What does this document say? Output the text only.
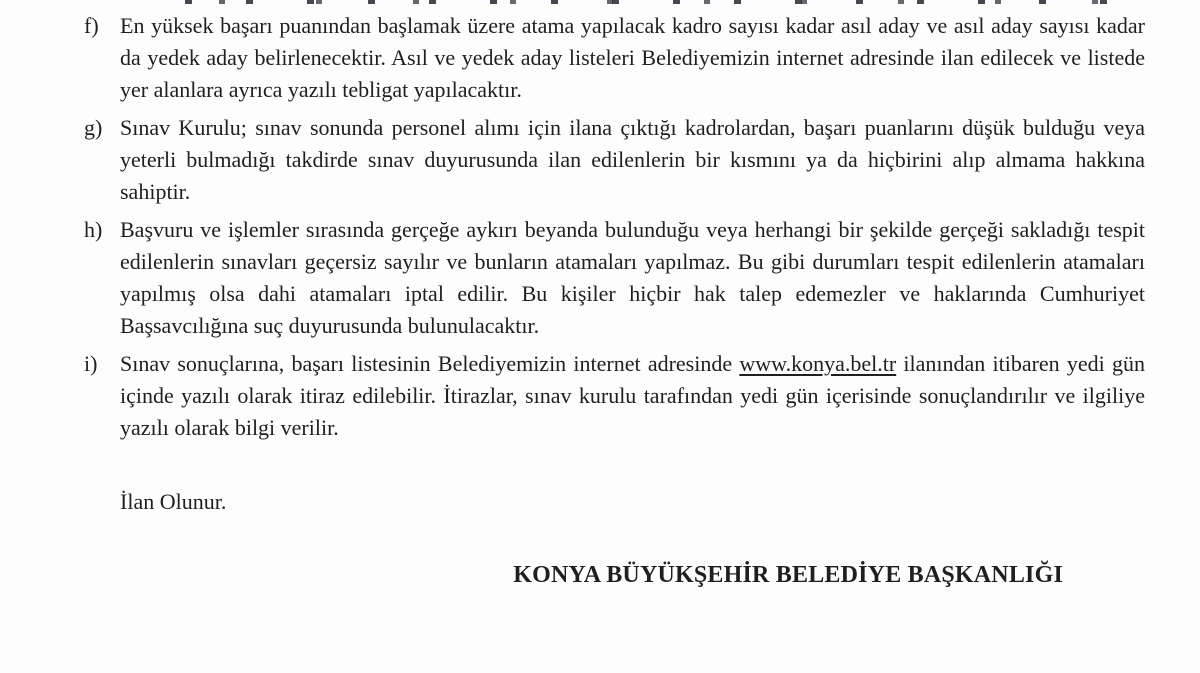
f) En yüksek başarı puanından başlamak üzere atama yapılacak kadro sayısı kadar asıl aday ve asıl aday sayısı kadar da yedek aday belirlenecektir. Asıl ve yedek aday listeleri Belediyemizin internet adresinde ilan edilecek ve listede yer alanlara ayrıca yazılı tebligat yapılacaktır.
g) Sınav Kurulu; sınav sonunda personel alımı için ilana çıktığı kadrolardan, başarı puanlarını düşük bulduğu veya yeterli bulmadığı takdirde sınav duyurusunda ilan edilenlerin bir kısmını ya da hiçbirini alıp almama hakkına sahiptir.
h) Başvuru ve işlemler sırasında gerçeğe aykırı beyanda bulunduğu veya herhangi bir şekilde gerçeği sakladığı tespit edilenlerin sınavları geçersiz sayılır ve bunların atamaları yapılmaz. Bu gibi durumları tespit edilenlerin atamaları yapılmış olsa dahi atamaları iptal edilir. Bu kişiler hiçbir hak talep edemezler ve haklarında Cumhuriyet Başsavcılığına suç duyurusunda bulunulacaktır.
i) Sınav sonuçlarına, başarı listesinin Belediyemizin internet adresinde www.konya.bel.tr ilanından itibaren yedi gün içinde yazılı olarak itiraz edilebilir. İtirazlar, sınav kurulu tarafından yedi gün içerisinde sonuçlandırılır ve ilgiliye yazılı olarak bilgi verilir.
İlan Olunur.
KONYA BÜYÜKŞEHİR BELEDİYE BAŞKANLIĞI
